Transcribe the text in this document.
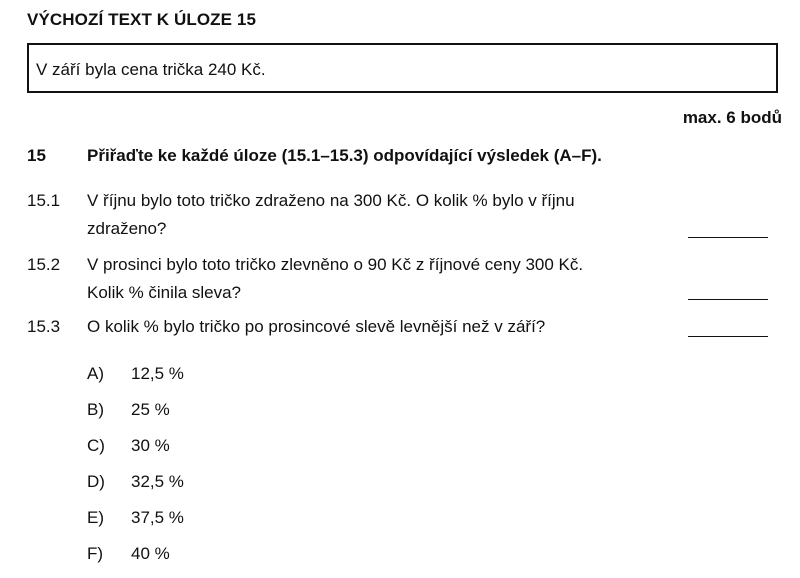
VÝCHOZÍ TEXT K ÚLOZE 15
V září byla cena trička 240 Kč.
max. 6 bodů
15 Přiřaďte ke každé úloze (15.1–15.3) odpovídající výsledek (A–F).
15.1 V říjnu bylo toto tričko zdraženo na 300 Kč. O kolik % bylo v říjnu
zdraženo?
15.2 V prosinci bylo toto tričko zlevněno o 90 Kč z říjnové ceny 300 Kč.
Kolik % činila sleva?
15.3 O kolik % bylo tričko po prosincové slevě levnější než v září?
A) 12,5 %
B) 25 %
C) 30 %
D) 32,5 %
E) 37,5 %
F) 40 %
